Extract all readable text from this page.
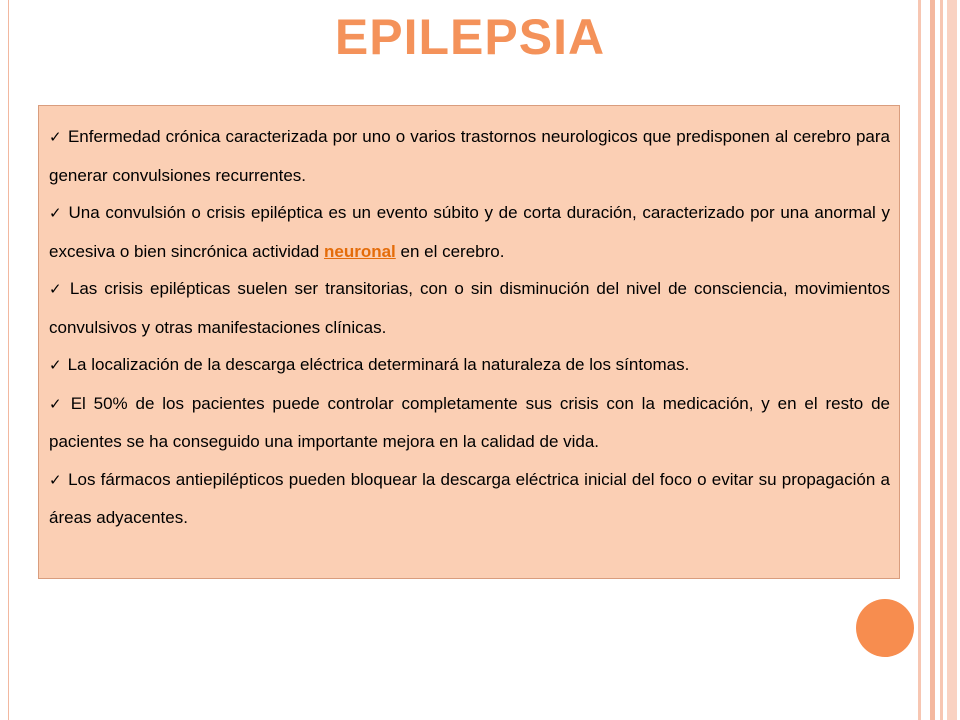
EPILEPSIA

✓ Enfermedad crónica caracterizada por uno o varios trastornos neurologicos que predisponen al cerebro para generar convulsiones recurrentes.

✓ Una convulsión o crisis epiléptica es un evento súbito y de corta duración, caracterizado por una anormal y excesiva o bien sincrónica actividad neuronal en el cerebro.

✓ Las crisis epilépticas suelen ser transitorias, con o sin disminución del nivel de consciencia, movimientos convulsivos y otras manifestaciones clínicas.

✓ La localización de la descarga eléctrica determinará la naturaleza de los síntomas.

✓ El 50% de los pacientes puede controlar completamente sus crisis con la medicación, y en el resto de pacientes se ha conseguido una importante mejora en la calidad de vida.

✓ Los fármacos antiepilépticos pueden bloquear la descarga eléctrica inicial del foco o evitar su propagación a áreas adyacentes.
